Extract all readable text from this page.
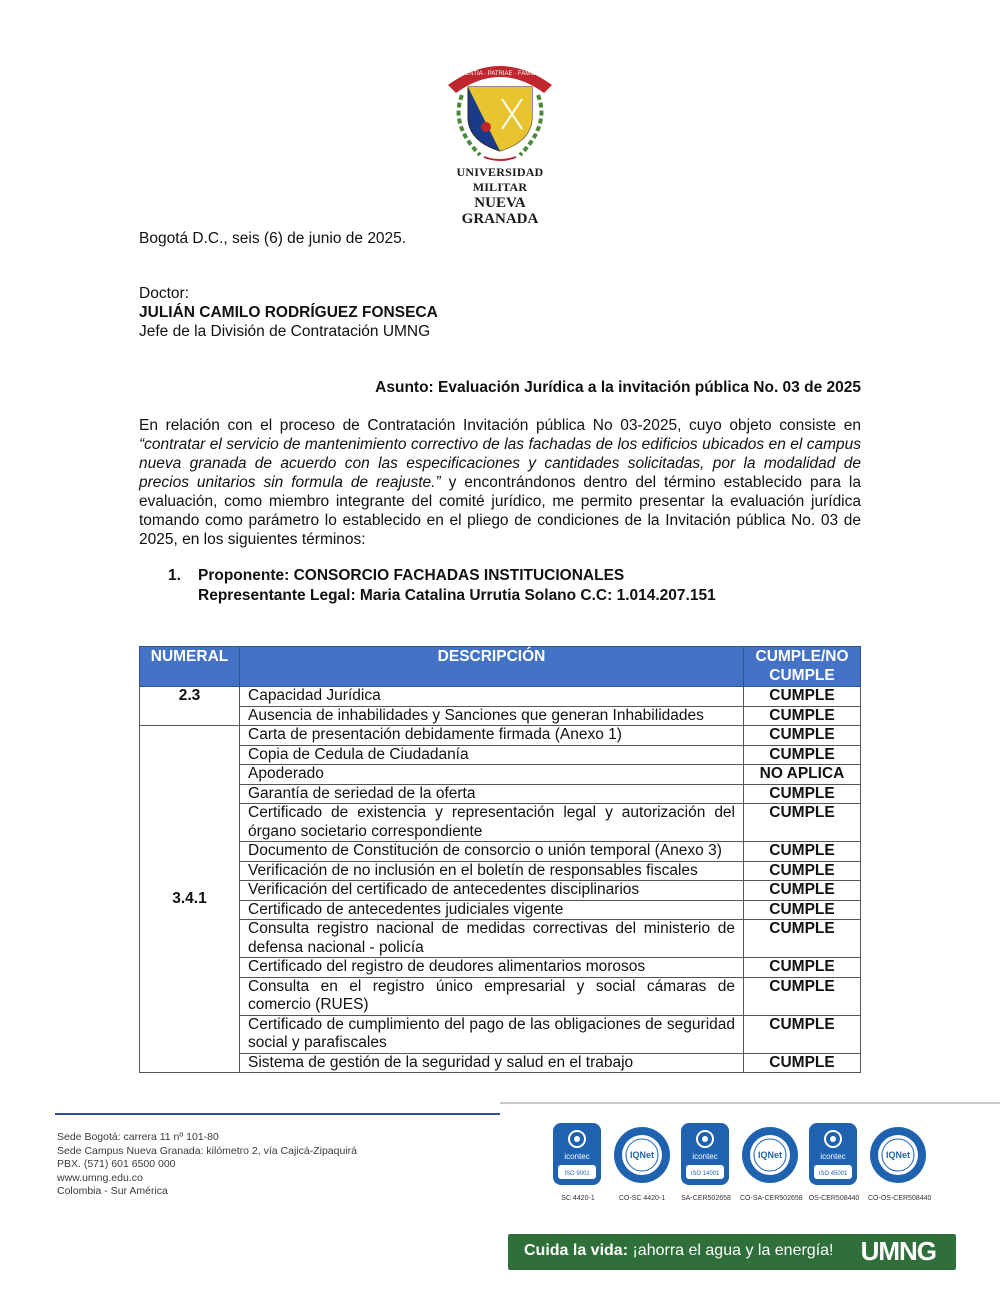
SCIENTIA · PATRIAE · FAMILIAE
UNIVERSIDAD MILITAR
NUEVA GRANADA
Bogotá D.C., seis (6) de junio de 2025.
Doctor:
JULIÁN CAMILO RODRÍGUEZ FONSECA
Jefe de la División de Contratación UMNG
Asunto: Evaluación Jurídica a la invitación pública No. 03 de 2025
En relación con el proceso de Contratación Invitación pública No 03-2025, cuyo objeto consiste en “contratar el servicio de mantenimiento correctivo de las fachadas de los edificios ubicados en el campus nueva granada de acuerdo con las especificaciones y cantidades solicitadas, por la modalidad de precios unitarios sin formula de reajuste.” y encontrándonos dentro del término establecido para la evaluación, como miembro integrante del comité jurídico, me permito presentar la evaluación jurídica tomando como parámetro lo establecido en el pliego de condiciones de la Invitación pública No. 03 de 2025, en los siguientes términos:
1. Proponente: CONSORCIO FACHADAS INSTITUCIONALES
Representante Legal: Maria Catalina Urrutia Solano C.C: 1.014.207.151
NUMERAL	DESCRIPCIÓN	CUMPLE/NO CUMPLE
2.3	Capacidad Jurídica	CUMPLE
	Ausencia de inhabilidades y Sanciones que generan Inhabilidades	CUMPLE
3.4.1	Carta de presentación debidamente firmada (Anexo 1)	CUMPLE
	Copia de Cedula de Ciudadanía	CUMPLE
	Apoderado	NO APLICA
	Garantía de seriedad de la oferta	CUMPLE
	Certificado de existencia y representación legal y autorización del órgano societario correspondiente	CUMPLE
	Documento de Constitución de consorcio o unión temporal (Anexo 3)	CUMPLE
	Verificación de no inclusión en el boletín de responsables fiscales	CUMPLE
	Verificación del certificado de antecedentes disciplinarios	CUMPLE
	Certificado de antecedentes judiciales vigente	CUMPLE
	Consulta registro nacional de medidas correctivas del ministerio de defensa nacional - policía	CUMPLE
	Certificado del registro de deudores alimentarios morosos	CUMPLE
	Consulta en el registro único empresarial y social cámaras de comercio (RUES)	CUMPLE
	Certificado de cumplimiento del pago de las obligaciones de seguridad social y parafiscales	CUMPLE
	Sistema de gestión de la seguridad y salud en el trabajo	CUMPLE
Sede Bogotá: carrera 11 nº 101-80
Sede Campus Nueva Granada: kilómetro 2, vía Cajicá-Zipaquirá
PBX. (571) 601 6500 000
www.umng.edu.co
Colombia - Sur América
icontec
ISO 9001
SC 4420-1
IQNet
CO-SC 4420-1
icontec
ISO 14001
SA-CER502658
IQNet
CO-SA-CER502658
icontec
ISO 45001
OS-CER508440
IQNet
CO-OS-CER508440
Cuida la vida: ¡ahorra el agua y la energía! UMNG
